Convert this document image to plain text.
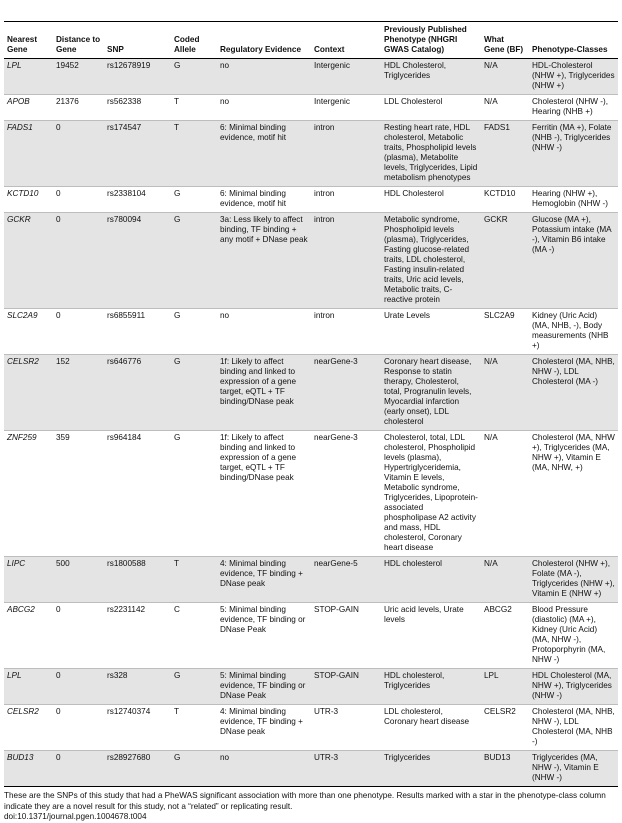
Nearest Gene	Distance to Gene	SNP	Coded Allele	Regulatory Evidence	Context	Previously Published Phenotype (NHGRI GWAS Catalog)	What Gene (BF)	Phenotype-Classes
LPL	19452	rs12678919	G	no	Intergenic	HDL Cholesterol, Triglycerides	N/A	HDL-Cholesterol (NHW +), Triglycerides (NHW +)
APOB	21376	rs562338	T	no	Intergenic	LDL Cholesterol	N/A	Cholesterol (NHW -), Hearing (NHB +)
FADS1	0	rs174547	T	6: Minimal binding evidence, motif hit	intron	Resting heart rate, HDL cholesterol, Metabolic traits, Phospholipid levels (plasma), Metabolite levels, Triglycerides, Lipid metabolism phenotypes	FADS1	Ferritin (MA +), Folate (NHB -), Triglycerides (NHW -)
KCTD10	0	rs2338104	G	6: Minimal binding evidence, motif hit	intron	HDL Cholesterol	KCTD10	Hearing (NHW +), Hemoglobin (NHW -)
GCKR	0	rs780094	G	3a: Less likely to affect binding, TF binding + any motif + DNase peak	intron	Metabolic syndrome, Phospholipid levels (plasma), Triglycerides, Fasting glucose-related traits, LDL cholesterol, Fasting insulin-related traits, Uric acid levels, Metabolic traits, C-reactive protein	GCKR	Glucose (MA +), Potassium intake (MA -), Vitamin B6 intake (MA -)
SLC2A9	0	rs6855911	G	no	intron	Urate Levels	SLC2A9	Kidney (Uric Acid) (MA, NHB, -), Body measurements (NHB +)
CELSR2	152	rs646776	G	1f: Likely to affect binding and linked to expression of a gene target, eQTL + TF binding/DNase peak	nearGene-3	Coronary heart disease, Response to statin therapy, Cholesterol, total, Progranulin levels, Myocardial infarction (early onset), LDL cholesterol	N/A	Cholesterol (MA, NHB, NHW -), LDL Cholesterol (MA -)
ZNF259	359	rs964184	G	1f: Likely to affect binding and linked to expression of a gene target, eQTL + TF binding/DNase peak	nearGene-3	Cholesterol, total, LDL cholesterol, Phospholipid levels (plasma), Hypertriglyceridemia, Vitamin E levels, Metabolic syndrome, Triglycerides, Lipoprotein-associated phospholipase A2 activity and mass, HDL cholesterol, Coronary heart disease	N/A	Cholesterol (MA, NHW +), Triglycerides (MA, NHW +), Vitamin E (MA, NHW, +)
LIPC	500	rs1800588	T	4: Minimal binding evidence, TF binding + DNase peak	nearGene-5	HDL cholesterol	N/A	Cholesterol (NHW +), Folate (MA -), Triglycerides (NHW +), Vitamin E (NHW +)
ABCG2	0	rs2231142	C	5: Minimal binding evidence, TF binding or DNase Peak	STOP-GAIN	Uric acid levels, Urate levels	ABCG2	Blood Pressure (diastolic) (MA +), Kidney (Uric Acid) (MA, NHW -), Protoporphyrin (MA, NHW -)
LPL	0	rs328	G	5: Minimal binding evidence, TF binding or DNase Peak	STOP-GAIN	HDL cholesterol, Triglycerides	LPL	HDL Cholesterol (MA, NHW +), Triglycerides (NHW -)
CELSR2	0	rs12740374	T	4: Minimal binding evidence, TF binding + DNase peak	UTR-3	LDL cholesterol, Coronary heart disease	CELSR2	Cholesterol (MA, NHB, NHW -), LDL Cholesterol (MA, NHB -)
BUD13	0	rs28927680	G	no	UTR-3	Triglycerides	BUD13	Triglycerides (MA, NHW -), Vitamin E (NHW -)
These are the SNPs of this study that had a PheWAS significant association with more than one phenotype. Results marked with a star in the phenotype-class column indicate they are a novel result for this study, not a “related” or replicating result.
doi:10.1371/journal.pgen.1004678.t004
